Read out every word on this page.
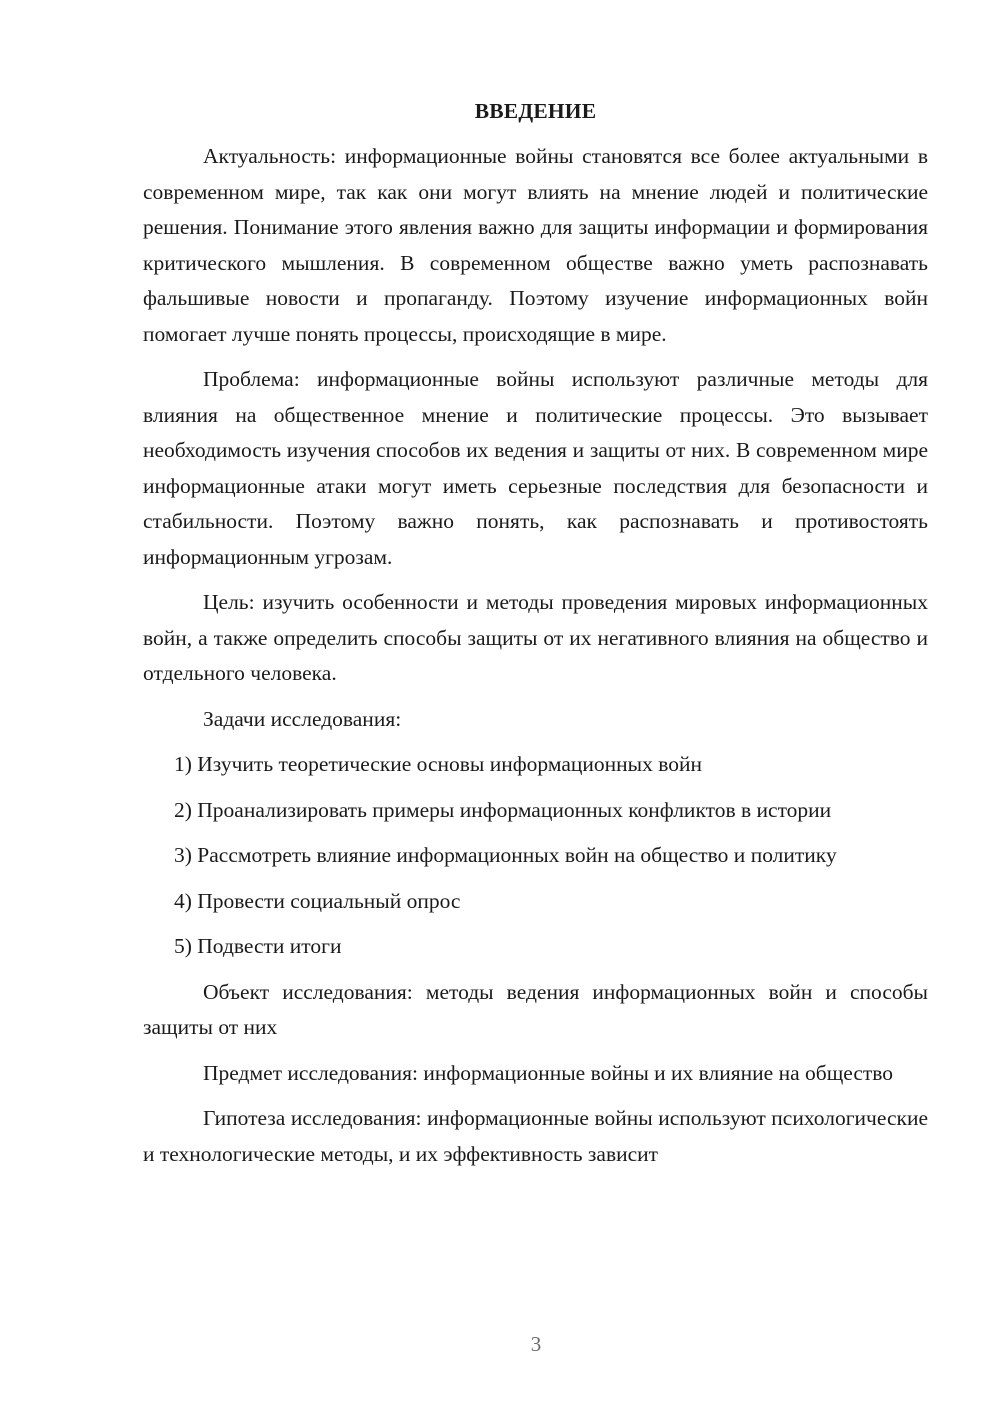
ВВЕДЕНИЕ

Актуальность: информационные войны становятся все более актуальными в современном мире, так как они могут влиять на мнение людей и политические решения. Понимание этого явления важно для защиты информации и формирования критического мышления. В современном обществе важно уметь распознавать фальшивые новости и пропаганду. Поэтому изучение информационных войн помогает лучше понять процессы, происходящие в мире.

Проблема: информационные войны используют различные методы для влияния на общественное мнение и политические процессы. Это вызывает необходимость изучения способов их ведения и защиты от них. В современном мире информационные атаки могут иметь серьезные последствия для безопасности и стабильности. Поэтому важно понять, как распознавать и противостоять информационным угрозам.

Цель: изучить особенности и методы проведения мировых информационных войн, а также определить способы защиты от их негативного влияния на общество и отдельного человека.

Задачи исследования:

1) Изучить теоретические основы информационных войн

2) Проанализировать примеры информационных конфликтов в истории

3) Рассмотреть влияние информационных войн на общество и политику

4) Провести социальный опрос

5) Подвести итоги

Объект исследования: методы ведения информационных войн и способы защиты от них

Предмет исследования: информационные войны и их влияние на общество

Гипотеза исследования: информационные войны используют психологические и технологические методы, и их эффективность зависит

3
